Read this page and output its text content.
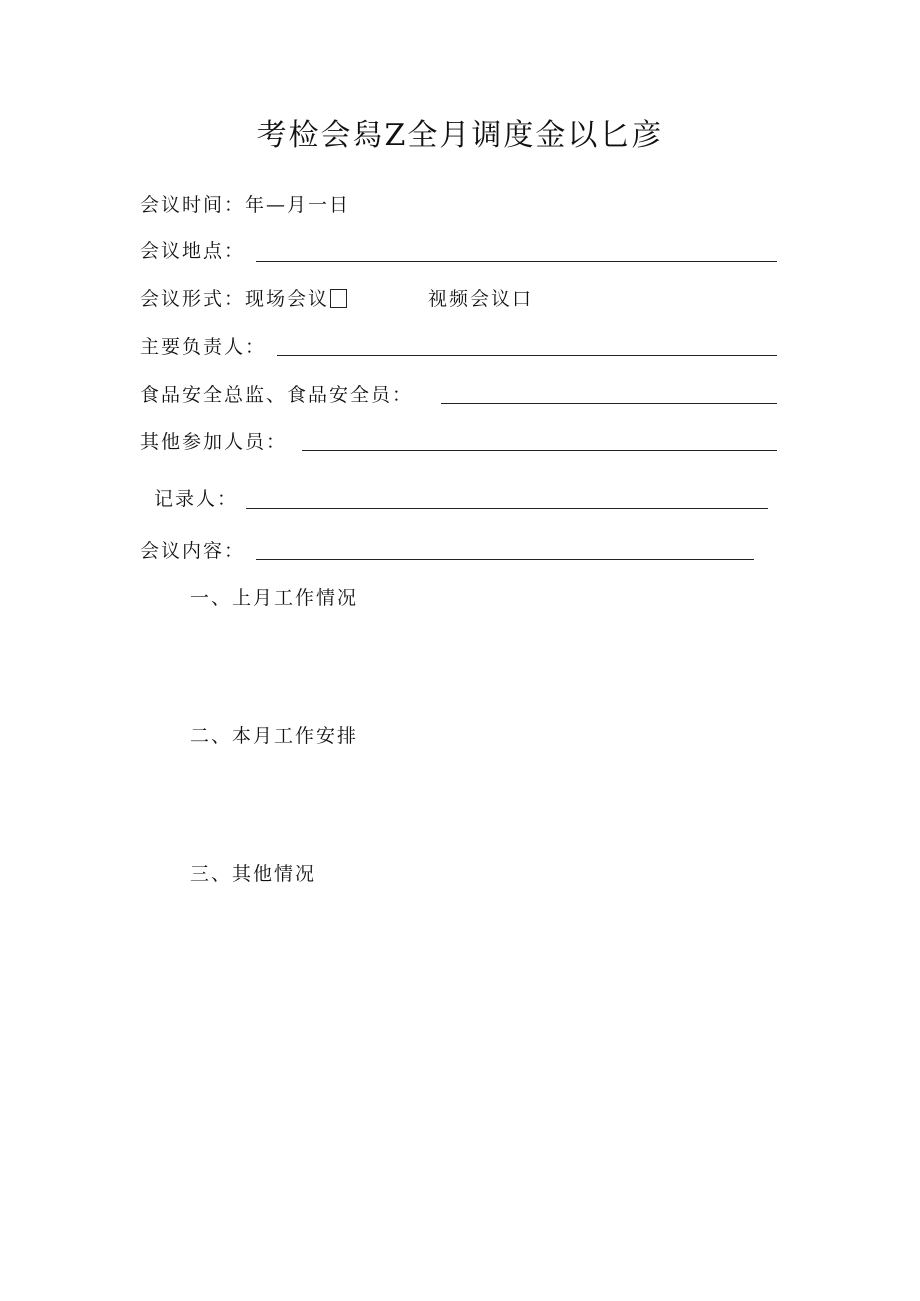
考检会舄Z全月调度金以匕彦
会议时间：年—月一日
会议地点：
会议形式：现场会议	视频会议口
主要负责人：
食品安全总监、食品安全员：
其他参加人员：
记录人：
会议内容：
一、上月工作情况
二、本月工作安排
三、其他情况
